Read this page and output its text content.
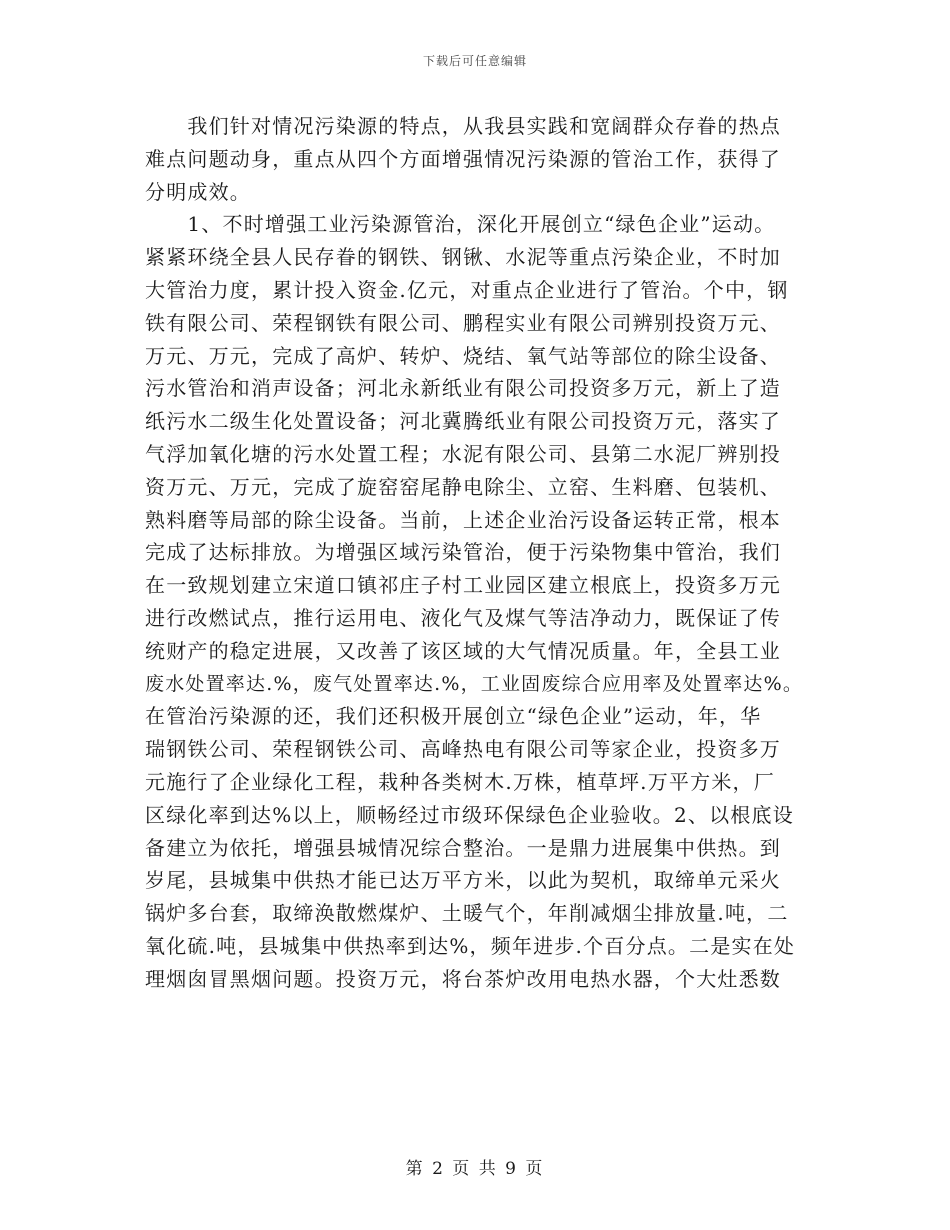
下载后可任意编辑
　　我们针对情况污染源的特点，从我县实践和宽阔群众存眷的热点
难点问题动身，重点从四个方面增强情况污染源的管治工作，获得了
分明成效。
　　1、不时增强工业污染源管治，深化开展创立“绿色企业”运动。
紧紧环绕全县人民存眷的钢铁、钢锹、水泥等重点污染企业，不时加
大管治力度，累计投入资金.亿元，对重点企业进行了管治。个中，钢
铁有限公司、荣程钢铁有限公司、鹏程实业有限公司辨别投资万元、
万元、万元，完成了高炉、转炉、烧结、氧气站等部位的除尘设备、
污水管治和消声设备；河北永新纸业有限公司投资多万元，新上了造
纸污水二级生化处置设备；河北冀腾纸业有限公司投资万元，落实了
气浮加氧化塘的污水处置工程；水泥有限公司、县第二水泥厂辨别投
资万元、万元，完成了旋窑窑尾静电除尘、立窑、生料磨、包装机、
熟料磨等局部的除尘设备。当前，上述企业治污设备运转正常，根本
完成了达标排放。为增强区域污染管治，便于污染物集中管治，我们
在一致规划建立宋道口镇祁庄子村工业园区建立根底上，投资多万元
进行改燃试点，推行运用电、液化气及煤气等洁净动力，既保证了传
统财产的稳定进展，又改善了该区域的大气情况质量。年，全县工业
废水处置率达.%，废气处置率达.%，工业固废综合应用率及处置率达%。
在管治污染源的还，我们还积极开展创立“绿色企业”运动，年，华
瑞钢铁公司、荣程钢铁公司、高峰热电有限公司等家企业，投资多万
元施行了企业绿化工程，栽种各类树木.万株，植草坪.万平方米，厂
区绿化率到达%以上，顺畅经过市级环保绿色企业验收。2、以根底设
备建立为依托，增强县城情况综合整治。一是鼎力进展集中供热。到
岁尾，县城集中供热才能已达万平方米，以此为契机，取缔单元采火
锅炉多台套，取缔涣散燃煤炉、土暖气个，年削减烟尘排放量.吨，二
氧化硫.吨，县城集中供热率到达%，频年进步.个百分点。二是实在处
理烟囱冒黑烟问题。投资万元，将台茶炉改用电热水器，个大灶悉数
第 2 页 共 9 页
